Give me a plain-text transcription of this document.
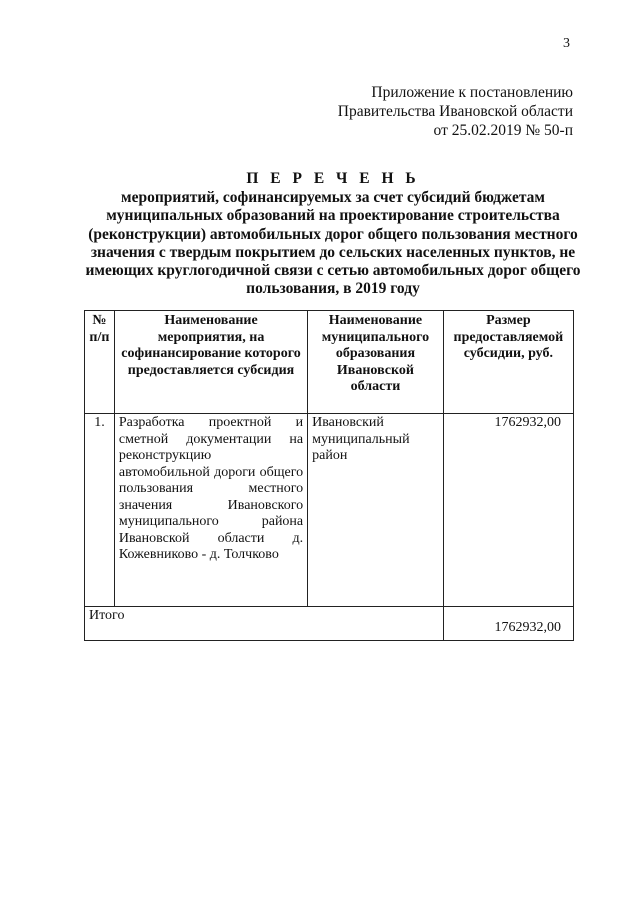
3
Приложение к постановлению
Правительства Ивановской области
от 25.02.2019 № 50-п
П Е Р Е Ч Е Н Ь
мероприятий, софинансируемых за счет субсидий бюджетам муниципальных образований на проектирование строительства (реконструкции) автомобильных дорог общего пользования местного значения с твердым покрытием до сельских населенных пунктов, не имеющих круглогодичной связи с сетью автомобильных дорог общего пользования, в 2019 году
№ п/п	Наименование мероприятия, на софинансирование которого предоставляется субсидия	Наименование муниципального образования Ивановской области	Размер предоставляемой субсидии, руб.
1.	Разработка проектной и сметной документации на реконструкцию автомобильной дороги общего пользования местного значения Ивановского муниципального района Ивановской области д. Кожевниково - д. Толчково	Ивановский муниципальный район	1762932,00
Итого			1762932,00
